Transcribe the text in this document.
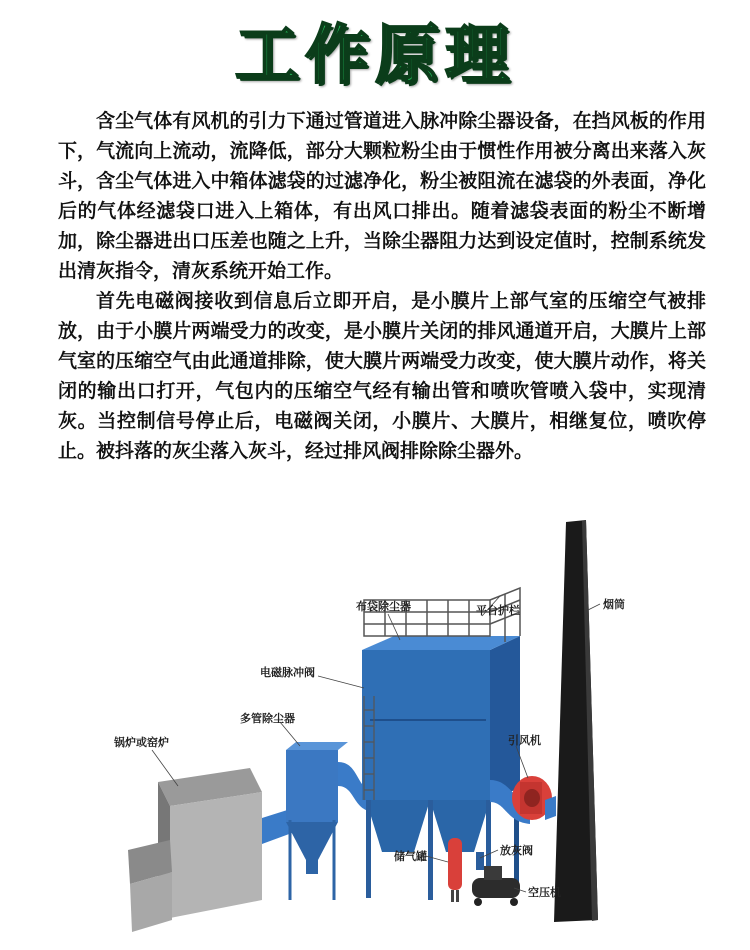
工作原理

含尘气体有风机的引力下通过管道进入脉冲除尘器设备，在挡风板的作用下，气流向上流动，流降低，部分大颗粒粉尘由于惯性作用被分离出来落入灰斗，含尘气体进入中箱体滤袋的过滤净化，粉尘被阻流在滤袋的外表面，净化后的气体经滤袋口进入上箱体，有出风口排出。随着滤袋表面的粉尘不断增加，除尘器进出口压差也随之上升，当除尘器阻力达到设定值时，控制系统发出清灰指令，清灰系统开始工作。

首先电磁阀接收到信息后立即开启，是小膜片上部气室的压缩空气被排放，由于小膜片两端受力的改变，是小膜片关闭的排风通道开启，大膜片上部气室的压缩空气由此通道排除，使大膜片两端受力改变，使大膜片动作，将关闭的输出口打开，气包内的压缩空气经有输出管和喷吹管喷入袋中，实现清灰。当控制信号停止后，电磁阀关闭，小膜片、大膜片，相继复位，喷吹停止。被抖落的灰尘落入灰斗，经过排风阀排除除尘器外。

布袋除尘器	平台护栏	烟筒
电磁脉冲阀
多管除尘器
锅炉或窑炉	引风机
放灰阀
储气罐
空压机
